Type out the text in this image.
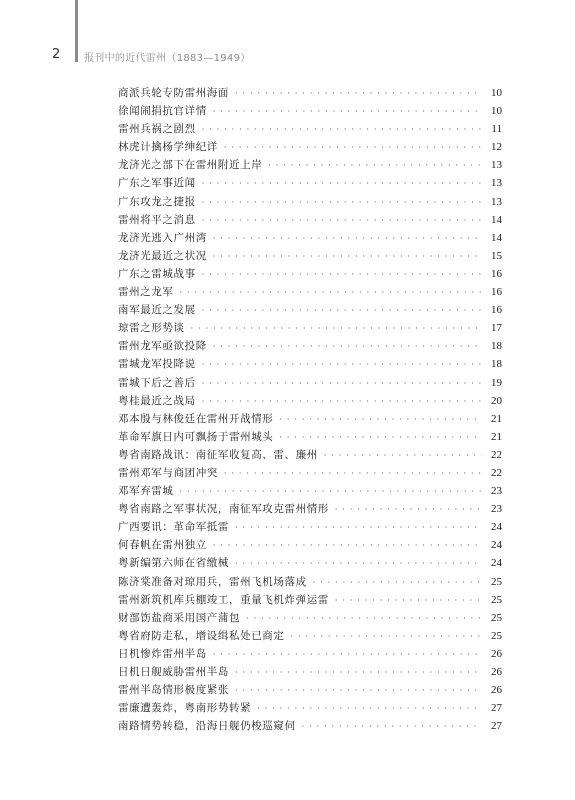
2 报刊中的近代雷州（1883—1949）
商派兵轮专防雷州海面 · · ·	10
徐闻闹捐抗官详情 · · ·	10
雷州兵祸之剧烈 · · ·	11
林虎计擒杨学绅纪详 · · ·	12
龙济光之部下在雷州附近上岸 · · ·	13
广东之军事近闻 · · ·	13
广东攻龙之捷报 · · ·	13
雷州将平之消息 · · ·	14
龙济光逃入广州湾 · · ·	14
龙济光最近之状况 · · ·	15
广东之雷城战事 · · ·	16
雷州之龙军 · · ·	16
南军最近之发展 · · ·	16
琼雷之形势谈 · · ·	17
雷州龙军亟欲投降 · · ·	18
雷城龙军投降说 · · ·	18
雷城下后之善后 · · ·	19
粤桂最近之战局 · · ·	20
邓本殷与林俊廷在雷州开战情形 · · ·	21
革命军旗日内可飘扬于雷州城头 · · ·	21
粤省南路战讯：南征军收复高、雷、廉州 · · ·	22
雷州邓军与商团冲突 · · ·	22
邓军弃雷城 · · ·	23
粤省南路之军事状况，南征军攻克雷州情形 · · ·	23
广西要讯：革命军抵雷 · · ·	24
何春帆在雷州独立 · · ·	24
粤新编第六师在省缴械 · · ·	24
陈济棠准备对琼用兵，雷州飞机场落成 · · ·	25
雷州新筑机库兵棚竣工，重量飞机炸弹运雷 · · ·	25
财部饬盐商采用国产蒲包 · · ·	25
粤省府防走私，增设缉私处已商定 · · ·	25
日机惨炸雷州半岛 · · ·	26
日机日舰威胁雷州半岛 · · ·	26
雷州半岛情形极度紧张 · · ·	26
雷廉遭轰炸，粤南形势转紧 · · ·	27
南路情势转稳，沿海日舰仍梭巡窥伺 · · ·	27
